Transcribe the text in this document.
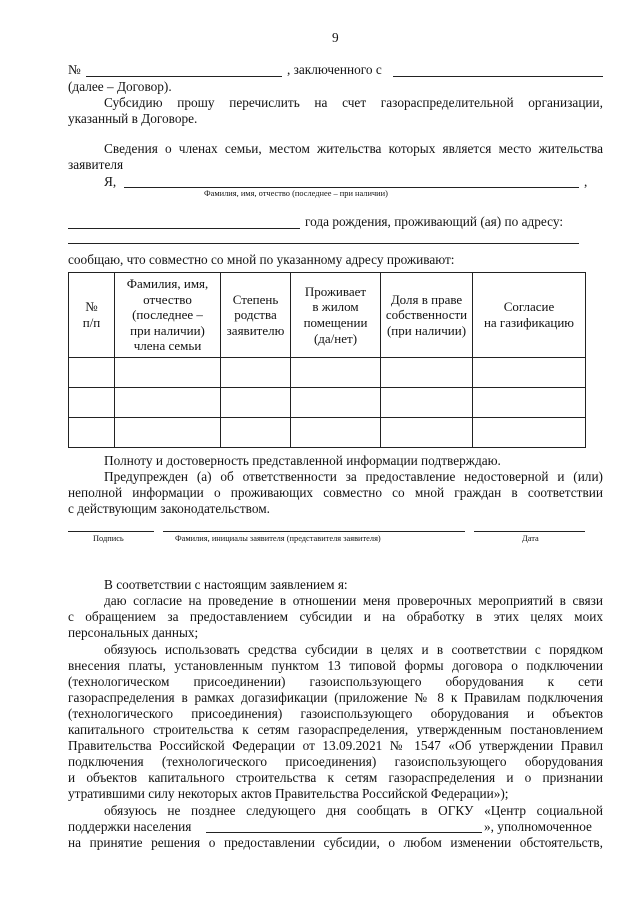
9
№	, заключенного с
(далее – Договор).
Субсидию прошу перечислить на счет газораспределительной организации,
указанный в Договоре.
Сведения о членах семьи, местом жительства которых является место жительства
заявителя
Я,	,
Фамилия, имя, отчество (последнее – при наличии)
года рождения, проживающий (ая) по адресу:
сообщаю, что совместно со мной по указанному адресу проживают:
№
п/п	Фамилия, имя,
отчество
(последнее –
при наличии)
члена семьи	Степень
родства
заявителю	Проживает
в жилом
помещении
(да/нет)	Доля в праве
собственности
(при наличии)	Согласие
на газификацию

Полноту и достоверность представленной информации подтверждаю.
Предупрежден (а) об ответственности за предоставление недостоверной и (или)
неполной информации о проживающих совместно со мной граждан в соответствии
с действующим законодательством.
Подпись	Фамилия, инициалы заявителя (представителя заявителя)	Дата
В соответствии с настоящим заявлением я:
даю согласие на проведение в отношении меня проверочных мероприятий в связи
с обращением за предоставлением субсидии и на обработку в этих целях моих
персональных данных;
обязуюсь использовать средства субсидии в целях и в соответствии с порядком
внесения платы, установленным пунктом 13 типовой формы договора о подключении
(технологическом присоединении) газоиспользующего оборудования к сети
газораспределения в рамках догазификации (приложение № 8 к Правилам подключения
(технологического присоединения) газоиспользующего оборудования и объектов
капитального строительства к сетям газораспределения, утвержденным постановлением
Правительства Российской Федерации от 13.09.2021 № 1547 «Об утверждении Правил
подключения (технологического присоединения) газоиспользующего оборудования
и объектов капитального строительства к сетям газораспределения и о признании
утратившими силу некоторых актов Правительства Российской Федерации»);
обязуюсь не позднее следующего дня сообщать в ОГКУ «Центр социальной
поддержки населения	», уполномоченное
на принятие решения о предоставлении субсидии, о любом изменении обстоятельств,
